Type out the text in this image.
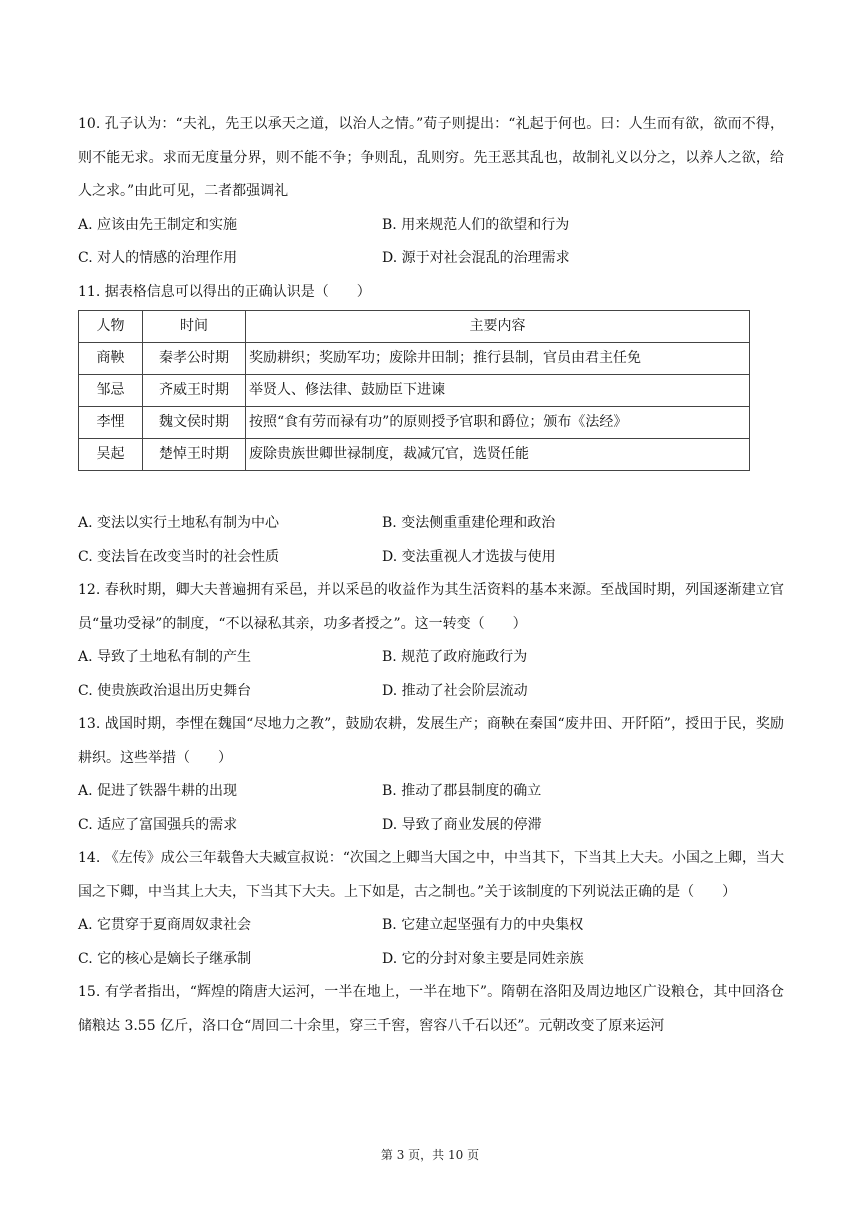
10. 孔子认为：“夫礼，先王以承天之道，以治人之情。”荀子则提出：“礼起于何也。曰：人生而有欲，欲而不得，则不能无求。求而无度量分界，则不能不争；争则乱，乱则穷。先王恶其乱也，故制礼义以分之，以养人之欲，给人之求。”由此可见，二者都强调礼

A. 应该由先王制定和实施	B. 用来规范人们的欲望和行为
C. 对人的情感的治理作用	D. 源于对社会混乱的治理需求

11. 据表格信息可以得出的正确认识是（　　）

人物	时间	主要内容
商鞅	秦孝公时期	奖励耕织；奖励军功；废除井田制；推行县制，官员由君主任免
邹忌	齐威王时期	举贤人、修法律、鼓励臣下进谏
李悝	魏文侯时期	按照“食有劳而禄有功”的原则授予官职和爵位；颁布《法经》
吴起	楚悼王时期	废除贵族世卿世禄制度，裁减冗官，选贤任能
A. 变法以实行土地私有制为中心	B. 变法侧重重建伦理和政治
C. 变法旨在改变当时的社会性质	D. 变法重视人才选拔与使用

12. 春秋时期，卿大夫普遍拥有采邑，并以采邑的收益作为其生活资料的基本来源。至战国时期，列国逐渐建立官员“量功受禄”的制度，“不以禄私其亲，功多者授之”。这一转变（　　）

A. 导致了土地私有制的产生	B. 规范了政府施政行为
C. 使贵族政治退出历史舞台	D. 推动了社会阶层流动

13. 战国时期，李悝在魏国“尽地力之教”，鼓励农耕，发展生产；商鞅在秦国“废井田、开阡陌”，授田于民，奖励耕织。这些举措（　　）

A. 促进了铁器牛耕的出现	B. 推动了郡县制度的确立
C. 适应了富国强兵的需求	D. 导致了商业发展的停滞

14. 《左传》成公三年载鲁大夫臧宣叔说：“次国之上卿当大国之中，中当其下，下当其上大夫。小国之上卿，当大国之下卿，中当其上大夫，下当其下大夫。上下如是，古之制也。”关于该制度的下列说法正确的是（　　）

A. 它贯穿于夏商周奴隶社会	B. 它建立起坚强有力的中央集权
C. 它的核心是嫡长子继承制	D. 它的分封对象主要是同姓亲族

15. 有学者指出，“辉煌的隋唐大运河，一半在地上，一半在地下”。隋朝在洛阳及周边地区广设粮仓，其中回洛仓储粮达 3.55 亿斤，洛口仓“周回二十余里，穿三千窖，窖容八千石以还”。元朝改变了原来运河

第 3 页，共 10 页
